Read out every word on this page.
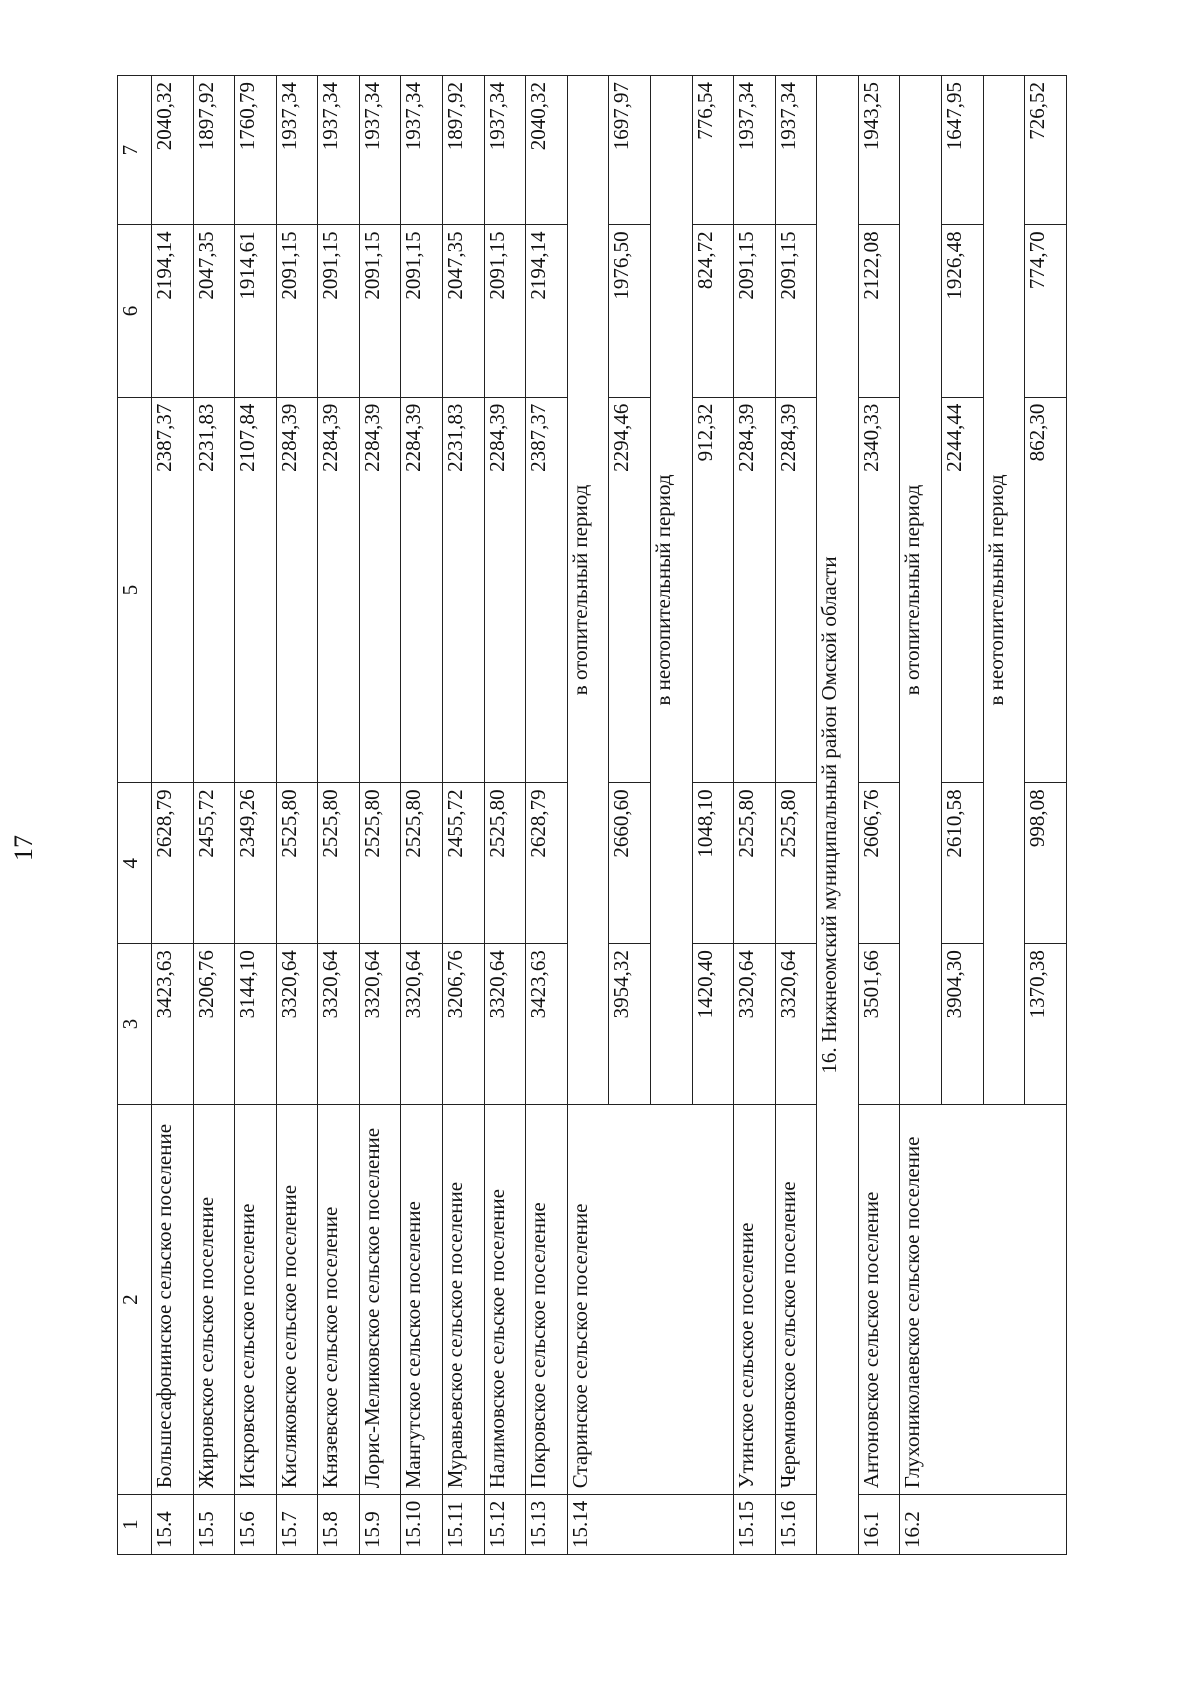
17
1	2	3	4	5	6	7
15.4	Большесафонинское сельское поселение	3423,63	2628,79	2387,37	2194,14	2040,32
15.5	Жирновское сельское поселение	3206,76	2455,72	2231,83	2047,35	1897,92
15.6	Искровское сельское поселение	3144,10	2349,26	2107,84	1914,61	1760,79
15.7	Кисляковское сельское поселение	3320,64	2525,80	2284,39	2091,15	1937,34
15.8	Князевское сельское поселение	3320,64	2525,80	2284,39	2091,15	1937,34
15.9	Лорис-Меликовское сельское поселение	3320,64	2525,80	2284,39	2091,15	1937,34
15.10	Мангутское сельское поселение	3320,64	2525,80	2284,39	2091,15	1937,34
15.11	Муравьевское сельское поселение	3206,76	2455,72	2231,83	2047,35	1897,92
15.12	Налимовское сельское поселение	3320,64	2525,80	2284,39	2091,15	1937,34
15.13	Покровское сельское поселение	3423,63	2628,79	2387,37	2194,14	2040,32
15.14	Старинское сельское поселение	в отопительный период				
		3954,32	2660,60	2294,46	1976,50	1697,97
		в неотопительный период				
		1420,40	1048,10	912,32	824,72	776,54
15.15	Утинское сельское поселение	3320,64	2525,80	2284,39	2091,15	1937,34
15.16	Черемновское сельское поселение	3320,64	2525,80	2284,39	2091,15	1937,34
16. Нижнеомский муниципальный район Омской области						
16.1	Антоновское сельское поселение	3501,66	2606,76	2340,33	2122,08	1943,25
16.2	Глухониколаевское сельское поселение	в отопительный период				
		3904,30	2610,58	2244,44	1926,48	1647,95
		в неотопительный период				
		1370,38	998,08	862,30	774,70	726,52
